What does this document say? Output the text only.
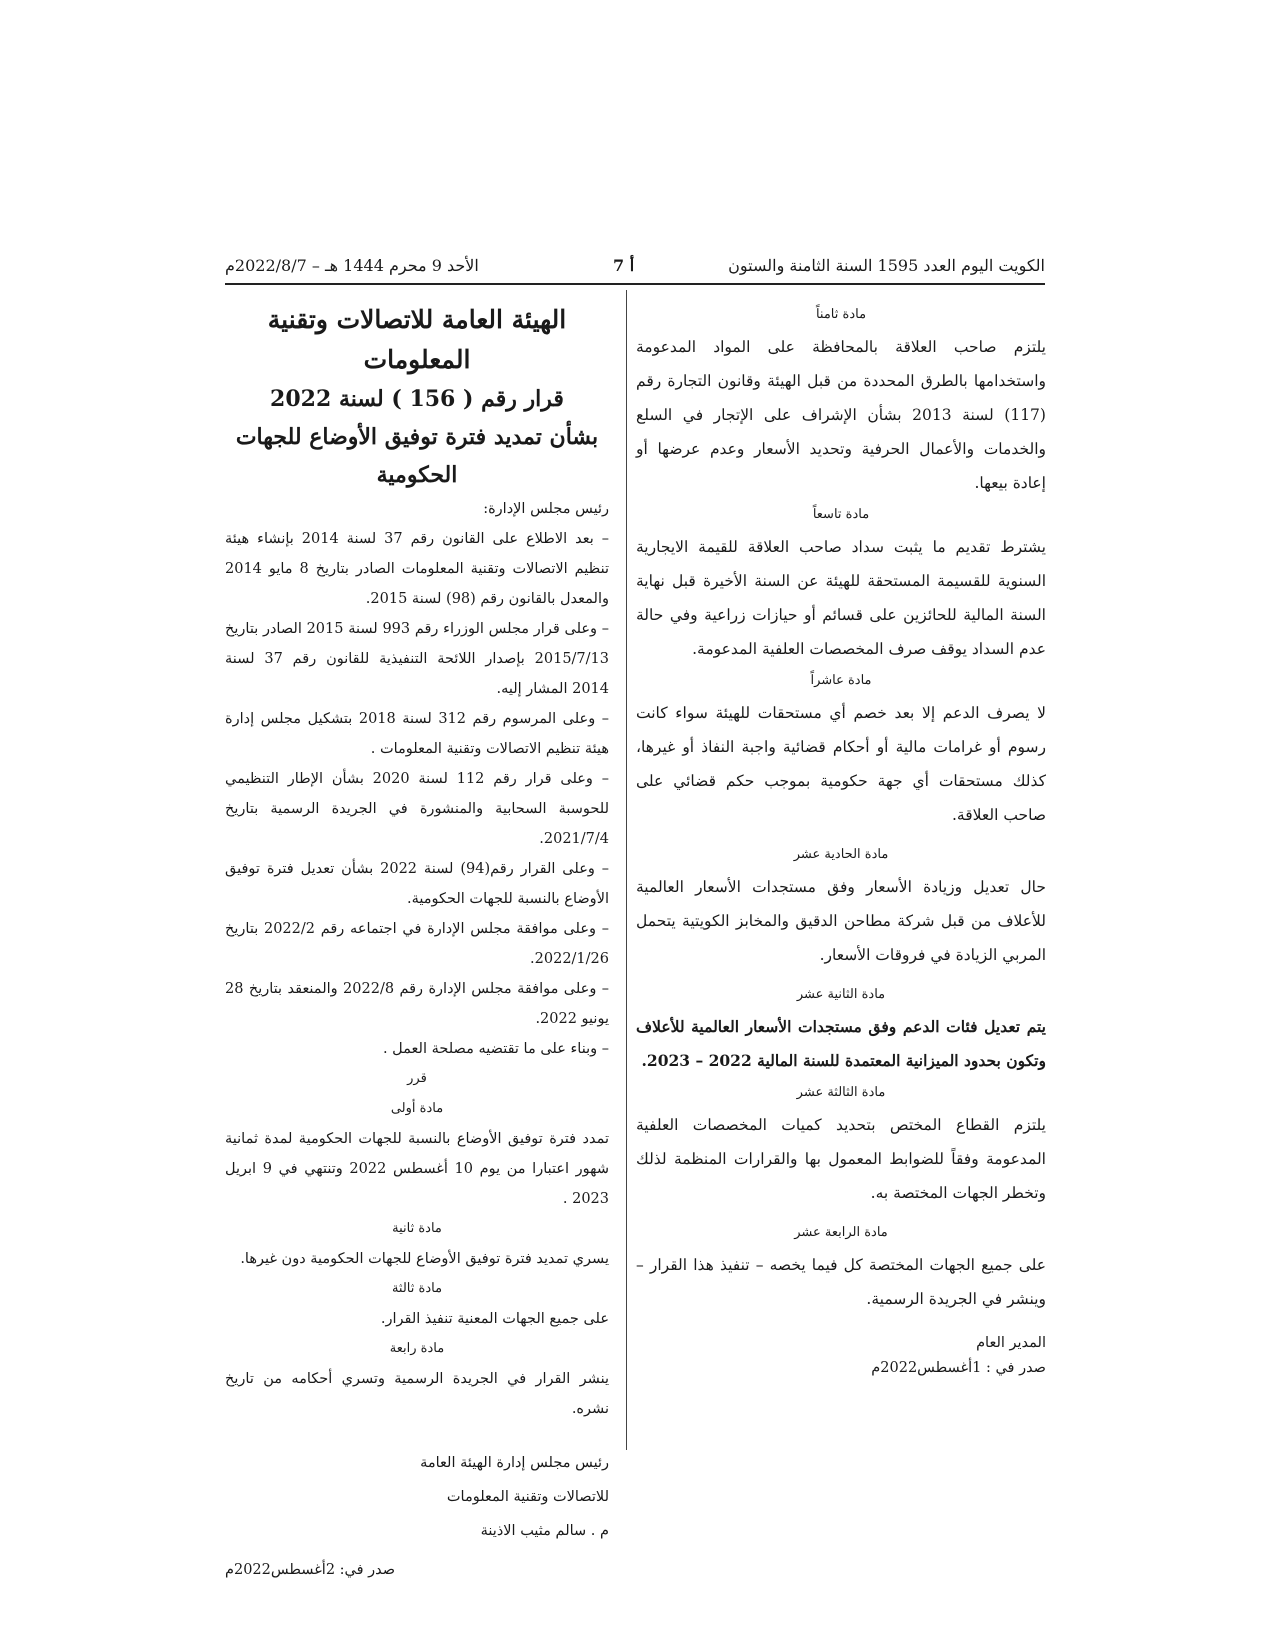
الكويت اليوم العدد 1595 السنة الثامنة والستون
أ 7
الأحد 9 محرم 1444 هـ – 2022/8/7م

مادة ثامناً

يلتزم صاحب العلاقة بالمحافظة على المواد المدعومة واستخدامها بالطرق المحددة من قبل الهيئة وقانون التجارة رقم (117) لسنة 2013 بشأن الإشراف على الإتجار في السلع والخدمات والأعمال الحرفية وتحديد الأسعار وعدم عرضها أو إعادة بيعها.

مادة تاسعاً

يشترط تقديم ما يثبت سداد صاحب العلاقة للقيمة الايجارية السنوية للقسيمة المستحقة للهيئة عن السنة الأخيرة قبل نهاية السنة المالية للحائزين على قسائم أو حيازات زراعية وفي حالة عدم السداد يوقف صرف المخصصات العلفية المدعومة.

مادة عاشراً

لا يصرف الدعم إلا بعد خصم أي مستحقات للهيئة سواء كانت رسوم أو غرامات مالية أو أحكام قضائية واجبة النفاذ أو غيرها، كذلك مستحقات أي جهة حكومية بموجب حكم قضائي على صاحب العلاقة.

مادة الحادية عشر

حال تعديل وزيادة الأسعار وفق مستجدات الأسعار العالمية للأعلاف من قبل شركة مطاحن الدقيق والمخابز الكويتية يتحمل المربي الزيادة في فروقات الأسعار.

مادة الثانية عشر

يتم تعديل فئات الدعم وفق مستجدات الأسعار العالمية للأعلاف وتكون بحدود الميزانية المعتمدة للسنة المالية 2022 – 2023.

مادة الثالثة عشر

يلتزم القطاع المختص بتحديد كميات المخصصات العلفية المدعومة وفقاً للضوابط المعمول بها والقرارات المنظمة لذلك وتخطر الجهات المختصة به.

مادة الرابعة عشر

على جميع الجهات المختصة كل فيما يخصه – تنفيذ هذا القرار – وينشر في الجريدة الرسمية.

المدير العام

صدر في : 1أغسطس2022م

الهيئة العامة للاتصالات وتقنية المعلومات

قرار رقم ( 156 ) لسنة 2022

بشأن تمديد فترة توفيق الأوضاع للجهات الحكومية

رئيس مجلس الإدارة:

– بعد الاطلاع على القانون رقم 37 لسنة 2014 بإنشاء هيئة تنظيم الاتصالات وتقنية المعلومات الصادر بتاريخ 8 مايو 2014 والمعدل بالقانون رقم (98) لسنة 2015.

– وعلى قرار مجلس الوزراء رقم 993 لسنة 2015 الصادر بتاريخ 2015/7/13 بإصدار اللائحة التنفيذية للقانون رقم 37 لسنة 2014 المشار إليه.

– وعلى المرسوم رقم 312 لسنة 2018 بتشكيل مجلس إدارة هيئة تنظيم الاتصالات وتقنية المعلومات .

– وعلى قرار رقم 112 لسنة 2020 بشأن الإطار التنظيمي للحوسبة السحابية والمنشورة في الجريدة الرسمية بتاريخ 2021/7/4.

– وعلى القرار رقم(94) لسنة 2022 بشأن تعديل فترة توفيق الأوضاع بالنسبة للجهات الحكومية.

– وعلى موافقة مجلس الإدارة في اجتماعه رقم 2022/2 بتاريخ 2022/1/26.

– وعلى موافقة مجلس الإدارة رقم 2022/8 والمنعقد بتاريخ 28 يونيو 2022.

– وبناء على ما تقتضيه مصلحة العمل .

قرر

مادة أولى

تمدد فترة توفيق الأوضاع بالنسبة للجهات الحكومية لمدة ثمانية شهور اعتبارا من يوم 10 أغسطس 2022 وتنتهي في 9 ابريل 2023 .

مادة ثانية

يسري تمديد فترة توفيق الأوضاع للجهات الحكومية دون غيرها.

مادة ثالثة

على جميع الجهات المعنية تنفيذ القرار.

مادة رابعة

ينشر القرار في الجريدة الرسمية وتسري أحكامه من تاريخ نشره.

رئيس مجلس إدارة الهيئة العامة

للاتصالات وتقنية المعلومات

م . سالم مثيب الاذينة

صدر في: 2أغسطس2022م
